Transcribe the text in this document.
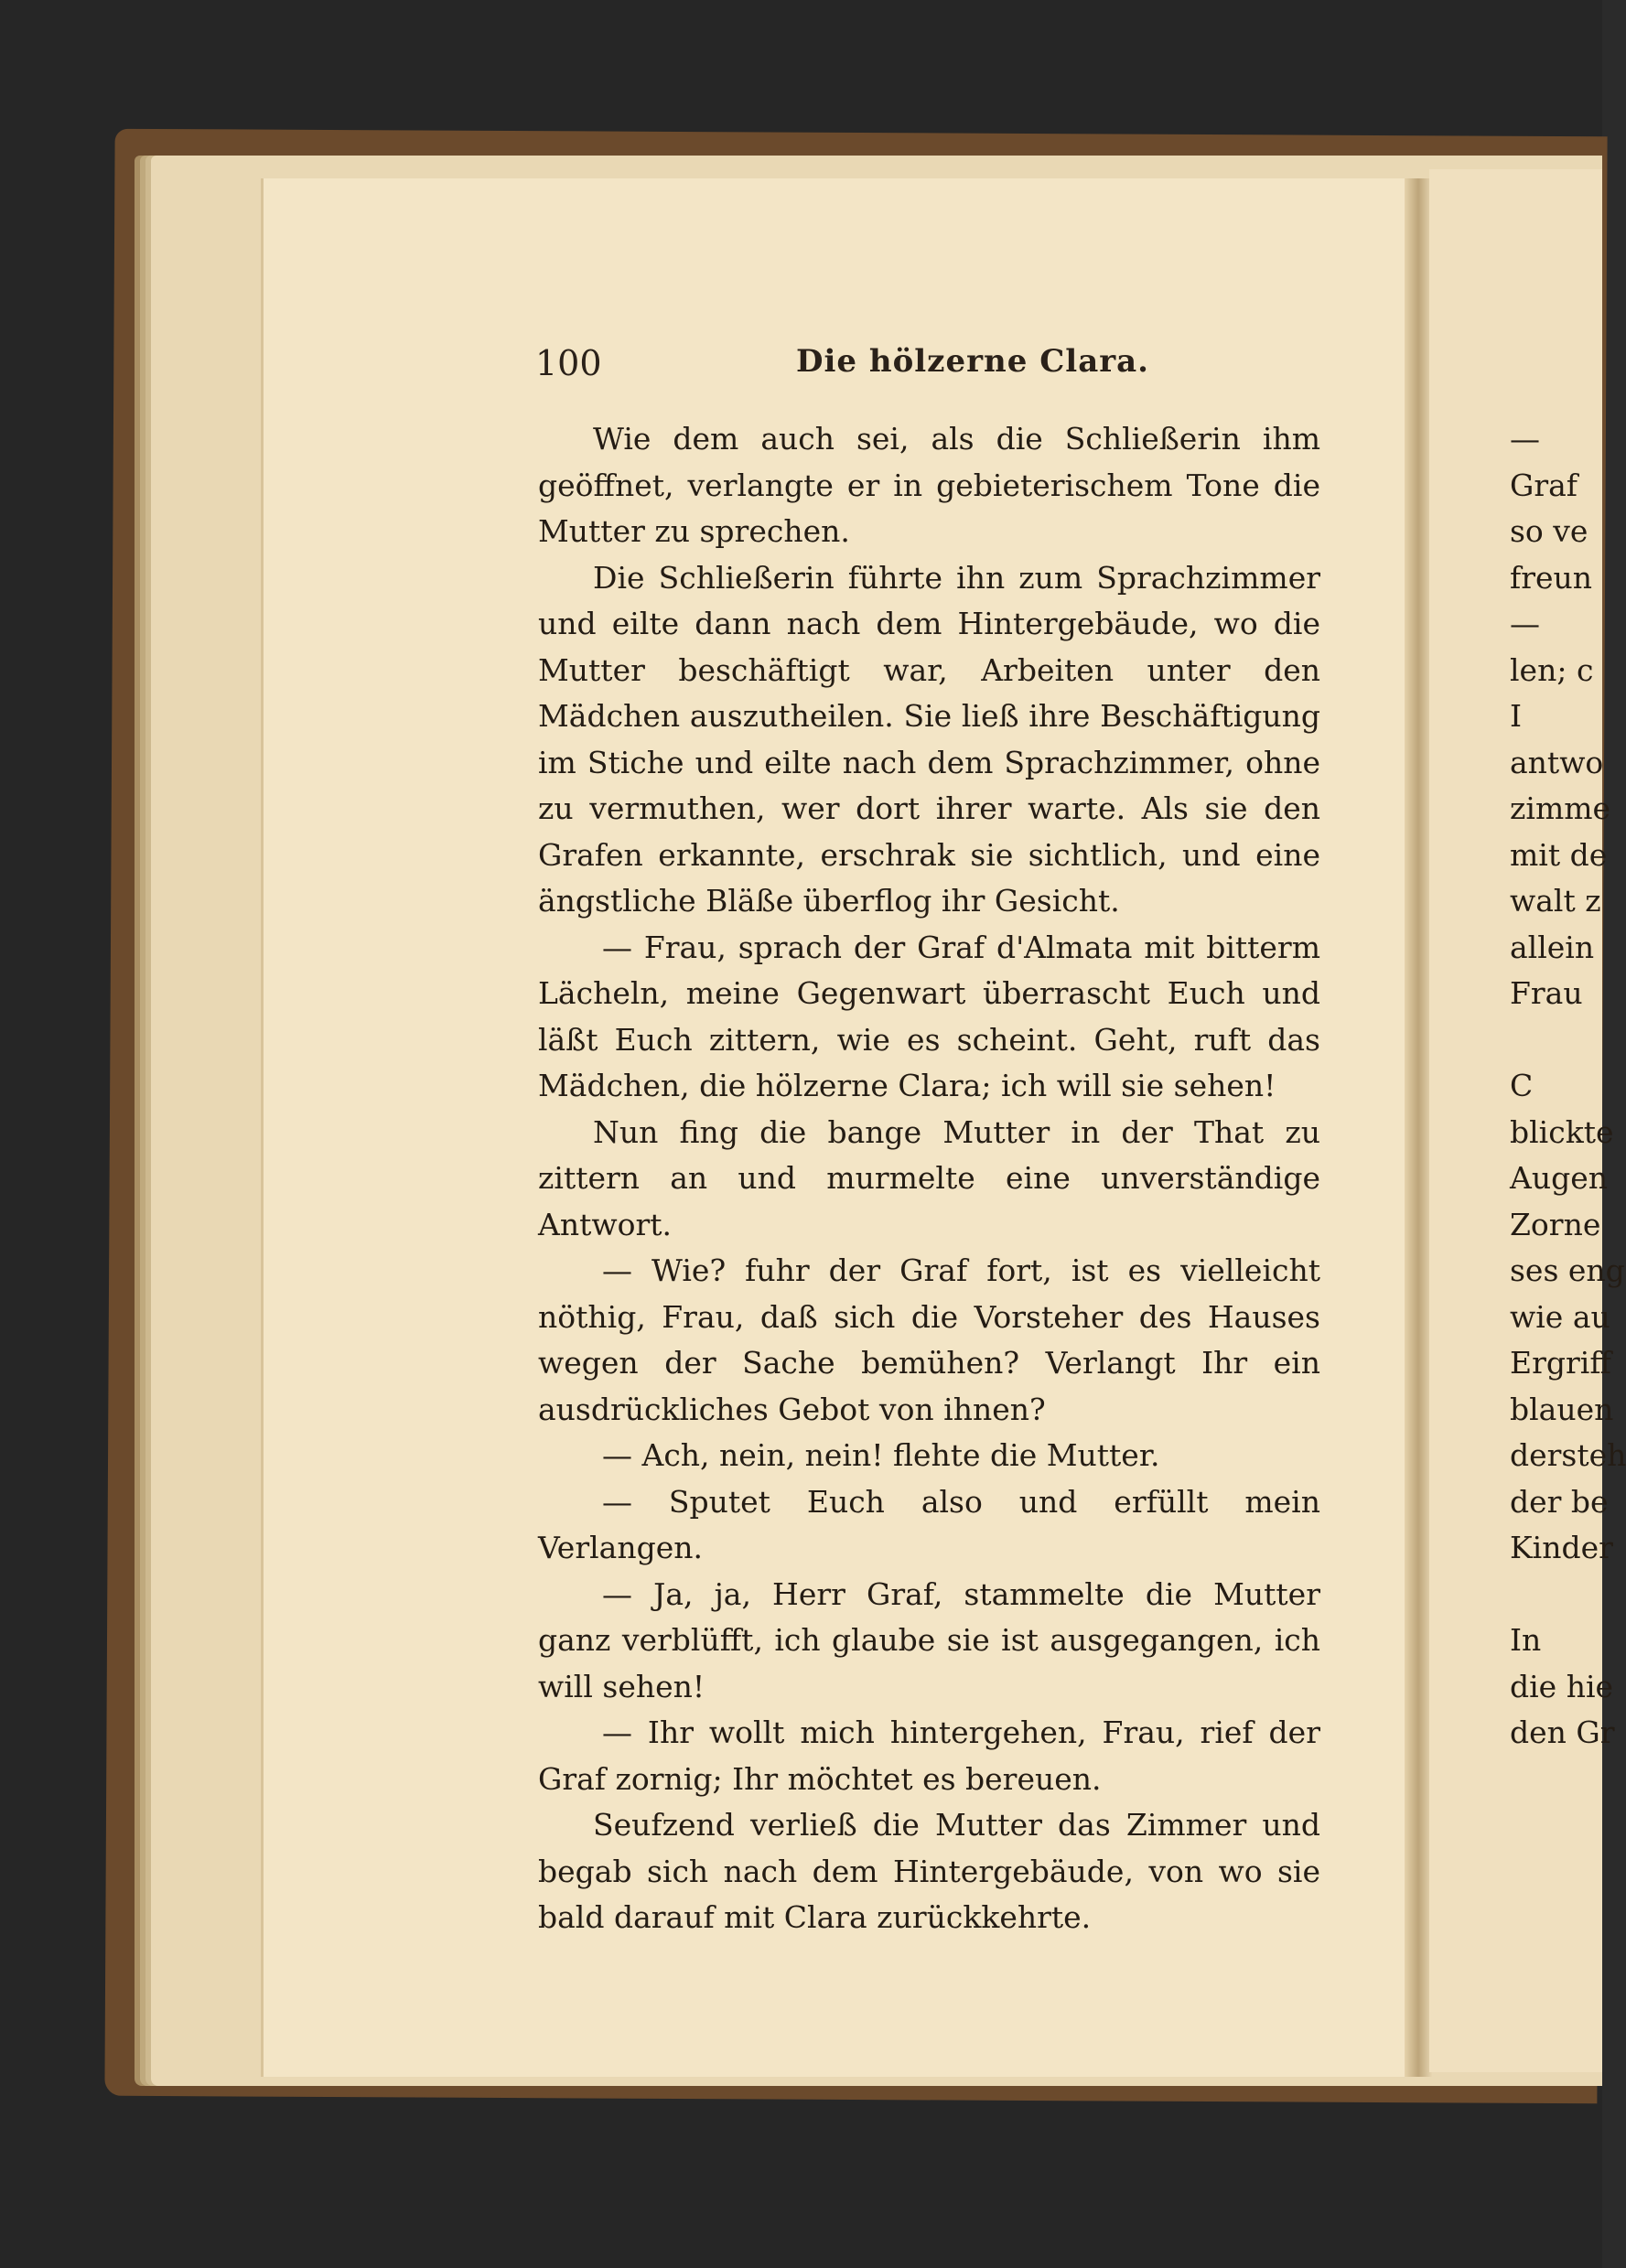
100	Die hölzerne Clara.

Wie dem auch sei, als die Schließerin ihm geöffnet, verlangte er in gebieterischem Tone die Mutter zu sprechen.

Die Schließerin führte ihn zum Sprachzimmer und eilte dann nach dem Hintergebäude, wo die Mutter beschäftigt war, Arbeiten unter den Mädchen auszutheilen. Sie ließ ihre Beschäftigung im Stiche und eilte nach dem Sprachzimmer, ohne zu vermuthen, wer dort ihrer warte. Als sie den Grafen erkannte, erschrak sie sichtlich, und eine ängstliche Bläße überflog ihr Gesicht.

— Frau, sprach der Graf d'Almata mit bitterm Lächeln, meine Gegenwart überrascht Euch und läßt Euch zittern, wie es scheint. Geht, ruft das Mädchen, die hölzerne Clara; ich will sie sehen!

Nun fing die bange Mutter in der That zu zittern an und murmelte eine unverständige Antwort.

— Wie? fuhr der Graf fort, ist es vielleicht nöthig, Frau, daß sich die Vorsteher des Hauses wegen der Sache bemühen? Verlangt Ihr ein ausdrückliches Gebot von ihnen?

— Ach, nein, nein! flehte die Mutter.

— Sputet Euch also und erfüllt mein Verlangen.

— Ja, ja, Herr Graf, stammelte die Mutter ganz verblüfft, ich glaube sie ist ausgegangen, ich will sehen!

— Ihr wollt mich hintergehen, Frau, rief der Graf zornig; Ihr möchtet es bereuen.

Seufzend verließ die Mutter das Zimmer und begab sich nach dem Hintergebäude, von wo sie bald darauf mit Clara zurückkehrte.

—
Graf
so ve
freun
—
len; c
I
antwo
zimme
mit de
walt z
allein
Frau
C
blickte
Augen
Zorne
ses eng
wie au
Ergriff
blauen
dersteh
der be
Kinder
In
die hie
den Gr
